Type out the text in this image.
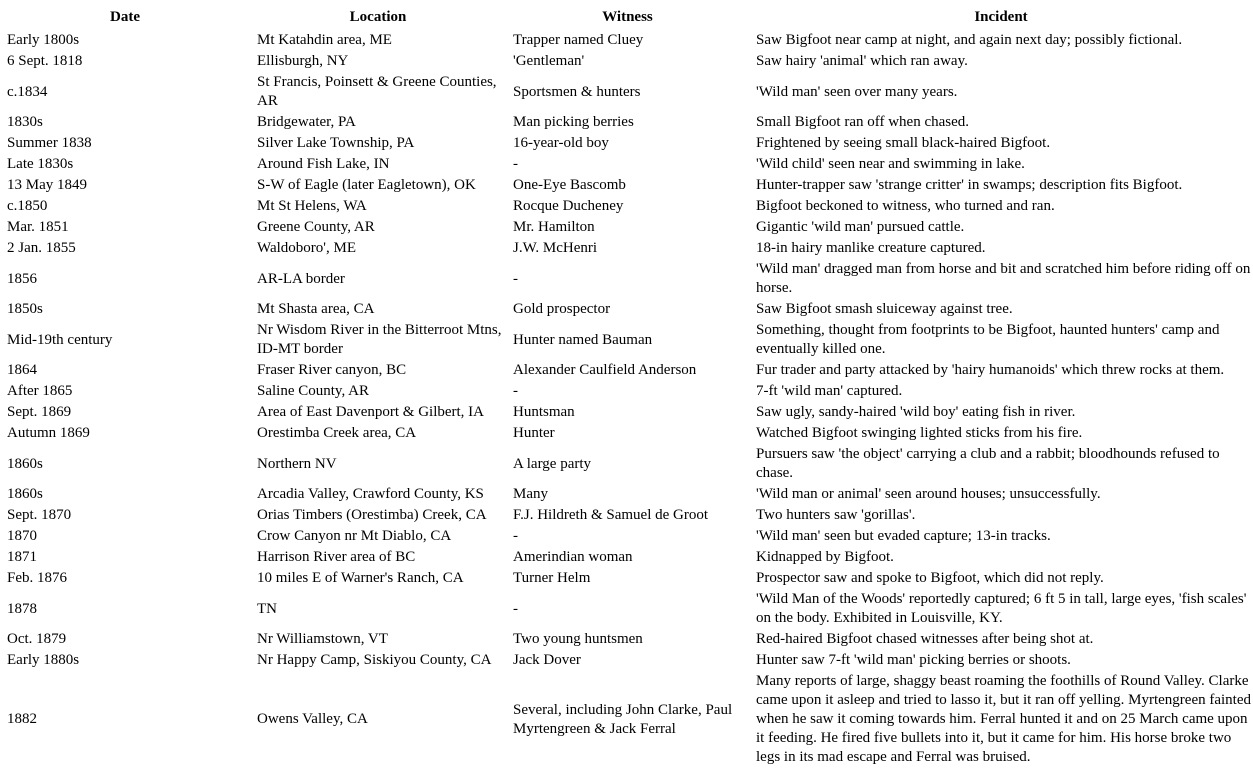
Date	Location	Witness	Incident
Early 1800s	Mt Katahdin area, ME	Trapper named Cluey	Saw Bigfoot near camp at night, and again next day; possibly fictional.
6 Sept. 1818	Ellisburgh, NY	'Gentleman'	Saw hairy 'animal' which ran away.
c.1834	St Francis, Poinsett & Greene Counties, AR	Sportsmen & hunters	'Wild man' seen over many years.
1830s	Bridgewater, PA	Man picking berries	Small Bigfoot ran off when chased.
Summer 1838	Silver Lake Township, PA	16-year-old boy	Frightened by seeing small black-haired Bigfoot.
Late 1830s	Around Fish Lake, IN	-	'Wild child' seen near and swimming in lake.
13 May 1849	S-W of Eagle (later Eagletown), OK	One-Eye Bascomb	Hunter-trapper saw 'strange critter' in swamps; description fits Bigfoot.
c.1850	Mt St Helens, WA	Rocque Ducheney	Bigfoot beckoned to witness, who turned and ran.
Mar. 1851	Greene County, AR	Mr. Hamilton	Gigantic 'wild man' pursued cattle.
2 Jan. 1855	Waldoboro', ME	J.W. McHenri	18-in hairy manlike creature captured.
1856	AR-LA border	-	'Wild man' dragged man from horse and bit and scratched him before riding off on horse.
1850s	Mt Shasta area, CA	Gold prospector	Saw Bigfoot smash sluiceway against tree.
Mid-19th century	Nr Wisdom River in the Bitterroot Mtns, ID-MT border	Hunter named Bauman	Something, thought from footprints to be Bigfoot, haunted hunters' camp and eventually killed one.
1864	Fraser River canyon, BC	Alexander Caulfield Anderson	Fur trader and party attacked by 'hairy humanoids' which threw rocks at them.
After 1865	Saline County, AR	-	7-ft 'wild man' captured.
Sept. 1869	Area of East Davenport & Gilbert, IA	Huntsman	Saw ugly, sandy-haired 'wild boy' eating fish in river.
Autumn 1869	Orestimba Creek area, CA	Hunter	Watched Bigfoot swinging lighted sticks from his fire.
1860s	Northern NV	A large party	Pursuers saw 'the object' carrying a club and a rabbit; bloodhounds refused to chase.
1860s	Arcadia Valley, Crawford County, KS	Many	'Wild man or animal' seen around houses; unsuccessfully.
Sept. 1870	Orias Timbers (Orestimba) Creek, CA	F.J. Hildreth & Samuel de Groot	Two hunters saw 'gorillas'.
1870	Crow Canyon nr Mt Diablo, CA	-	'Wild man' seen but evaded capture; 13-in tracks.
1871	Harrison River area of BC	Amerindian woman	Kidnapped by Bigfoot.
Feb. 1876	10 miles E of Warner's Ranch, CA	Turner Helm	Prospector saw and spoke to Bigfoot, which did not reply.
1878	TN	-	'Wild Man of the Woods' reportedly captured; 6 ft 5 in tall, large eyes, 'fish scales' on the body. Exhibited in Louisville, KY.
Oct. 1879	Nr Williamstown, VT	Two young huntsmen	Red-haired Bigfoot chased witnesses after being shot at.
Early 1880s	Nr Happy Camp, Siskiyou County, CA	Jack Dover	Hunter saw 7-ft 'wild man' picking berries or shoots.
1882	Owens Valley, CA	Several, including John Clarke, Paul Myrtengreen & Jack Ferral	Many reports of large, shaggy beast roaming the foothills of Round Valley. Clarke came upon it asleep and tried to lasso it, but it ran off yelling. Myrtengreen fainted when he saw it coming towards him. Ferral hunted it and on 25 March came upon it feeding. He fired five bullets into it, but it came for him. His horse broke two legs in its mad escape and Ferral was bruised.
